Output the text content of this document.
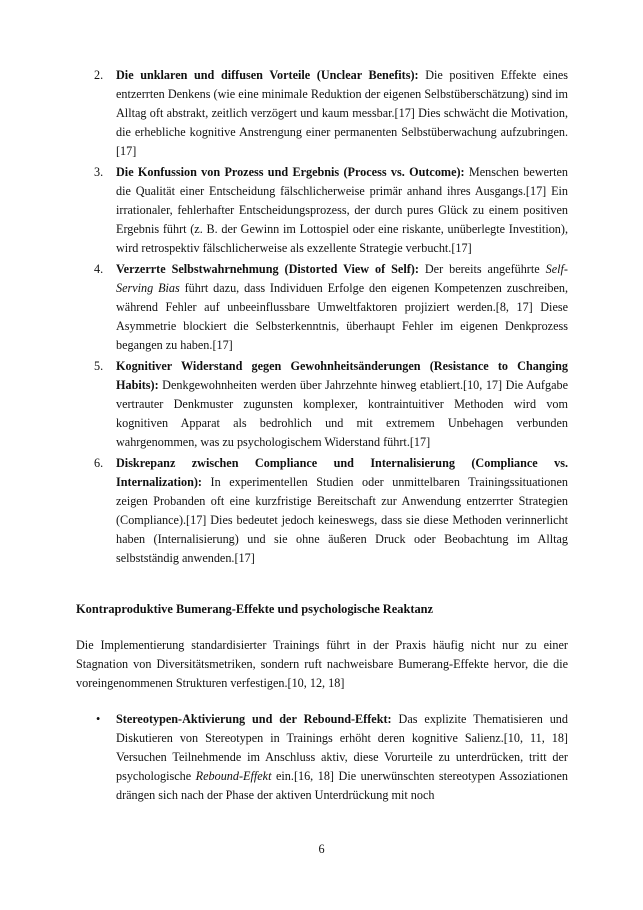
2. Die unklaren und diffusen Vorteile (Unclear Benefits): Die positiven Effekte eines entzerrten Denkens (wie eine minimale Reduktion der eigenen Selbstüberschätzung) sind im Alltag oft abstrakt, zeitlich verzögert und kaum messbar.[17] Dies schwächt die Motivation, die erhebliche kognitive Anstrengung einer permanenten Selbstüberwachung aufzubringen.[17]
3. Die Konfussion von Prozess und Ergebnis (Process vs. Outcome): Menschen bewerten die Qualität einer Entscheidung fälschlicherweise primär anhand ihres Ausgangs.[17] Ein irrationaler, fehlerhafter Entscheidungsprozess, der durch pures Glück zu einem positiven Ergebnis führt (z. B. der Gewinn im Lottospiel oder eine riskante, unüberlegte Investition), wird retrospektiv fälschlicherweise als exzellente Strategie verbucht.[17]
4. Verzerrte Selbstwahrnehmung (Distorted View of Self): Der bereits angeführte Self-Serving Bias führt dazu, dass Individuen Erfolge den eigenen Kompetenzen zuschreiben, während Fehler auf unbeeinflussbare Umweltfaktoren projiziert werden.[8, 17] Diese Asymmetrie blockiert die Selbsterkenntnis, überhaupt Fehler im eigenen Denkprozess begangen zu haben.[17]
5. Kognitiver Widerstand gegen Gewohnheitsänderungen (Resistance to Changing Habits): Denkgewohnheiten werden über Jahrzehnte hinweg etabliert.[10, 17] Die Aufgabe vertrauter Denkmuster zugunsten komplexer, kontraintuitiver Methoden wird vom kognitiven Apparat als bedrohlich und mit extremem Unbehagen verbunden wahrgenommen, was zu psychologischem Widerstand führt.[17]
6. Diskrepanz zwischen Compliance und Internalisierung (Compliance vs. Internalization): In experimentellen Studien oder unmittelbaren Trainingssituationen zeigen Probanden oft eine kurzfristige Bereitschaft zur Anwendung entzerrter Strategien (Compliance).[17] Dies bedeutet jedoch keineswegs, dass sie diese Methoden verinnerlicht haben (Internalisierung) und sie ohne äußeren Druck oder Beobachtung im Alltag selbstständig anwenden.[17]
Kontraproduktive Bumerang-Effekte und psychologische Reaktanz

Die Implementierung standardisierter Trainings führt in der Praxis häufig nicht nur zu einer Stagnation von Diversitätsmetriken, sondern ruft nachweisbare Bumerang-Effekte hervor, die die voreingenommenen Strukturen verfestigen.[10, 12, 18]

• Stereotypen-Aktivierung und der Rebound-Effekt: Das explizite Thematisieren und Diskutieren von Stereotypen in Trainings erhöht deren kognitive Salienz.[10, 11, 18] Versuchen Teilnehmende im Anschluss aktiv, diese Vorurteile zu unterdrücken, tritt der psychologische Rebound-Effekt ein.[16, 18] Die unerwünschten stereotypen Assoziationen drängen sich nach der Phase der aktiven Unterdrückung mit noch
6
